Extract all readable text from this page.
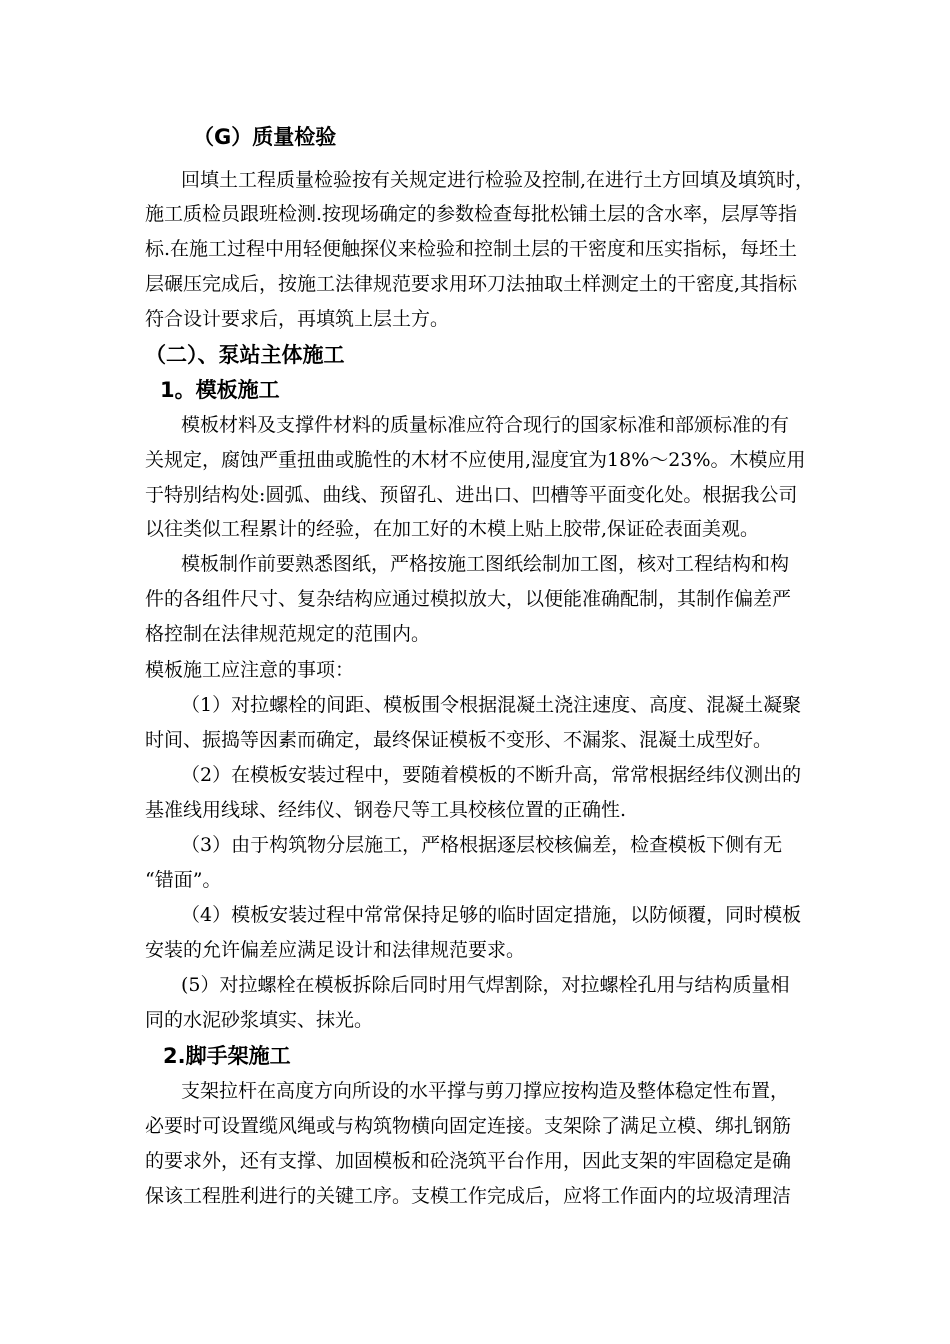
（G）质量检验
回填土工程质量检验按有关规定进行检验及控制,在进行土方回填及填筑时，
施工质检员跟班检测.按现场确定的参数检查每批松铺土层的含水率，层厚等指
标.在施工过程中用轻便触探仪来检验和控制土层的干密度和压实指标，每坯土
层碾压完成后，按施工法律规范要求用环刀法抽取土样测定土的干密度,其指标
符合设计要求后，再填筑上层土方。
（二）、泵站主体施工
1。模板施工
模板材料及支撑件材料的质量标准应符合现行的国家标准和部颁标准的有
关规定，腐蚀严重扭曲或脆性的木材不应使用,湿度宜为18%～23%。木模应用
于特别结构处:圆弧、曲线、预留孔、进出口、凹槽等平面变化处。根据我公司
以往类似工程累计的经验，在加工好的木模上贴上胶带,保证砼表面美观。
模板制作前要熟悉图纸，严格按施工图纸绘制加工图，核对工程结构和构
件的各组件尺寸、复杂结构应通过模拟放大，以便能准确配制，其制作偏差严
格控制在法律规范规定的范围内。
模板施工应注意的事项：
（1）对拉螺栓的间距、模板围令根据混凝土浇注速度、高度、混凝土凝聚
时间、振捣等因素而确定，最终保证模板不变形、不漏浆、混凝土成型好。
（2）在模板安装过程中，要随着模板的不断升高，常常根据经纬仪测出的
基准线用线球、经纬仪、钢卷尺等工具校核位置的正确性.
（3）由于构筑物分层施工，严格根据逐层校核偏差，检查模板下侧有无
“错面”。
（4）模板安装过程中常常保持足够的临时固定措施，以防倾覆，同时模板
安装的允许偏差应满足设计和法律规范要求。
(5）对拉螺栓在模板拆除后同时用气焊割除，对拉螺栓孔用与结构质量相
同的水泥砂浆填实、抹光。
2.脚手架施工
支架拉杆在高度方向所设的水平撑与剪刀撑应按构造及整体稳定性布置，
必要时可设置缆风绳或与构筑物横向固定连接。支架除了满足立模、绑扎钢筋
的要求外，还有支撑、加固模板和砼浇筑平台作用，因此支架的牢固稳定是确
保该工程胜利进行的关键工序。支模工作完成后，应将工作面内的垃圾清理洁
